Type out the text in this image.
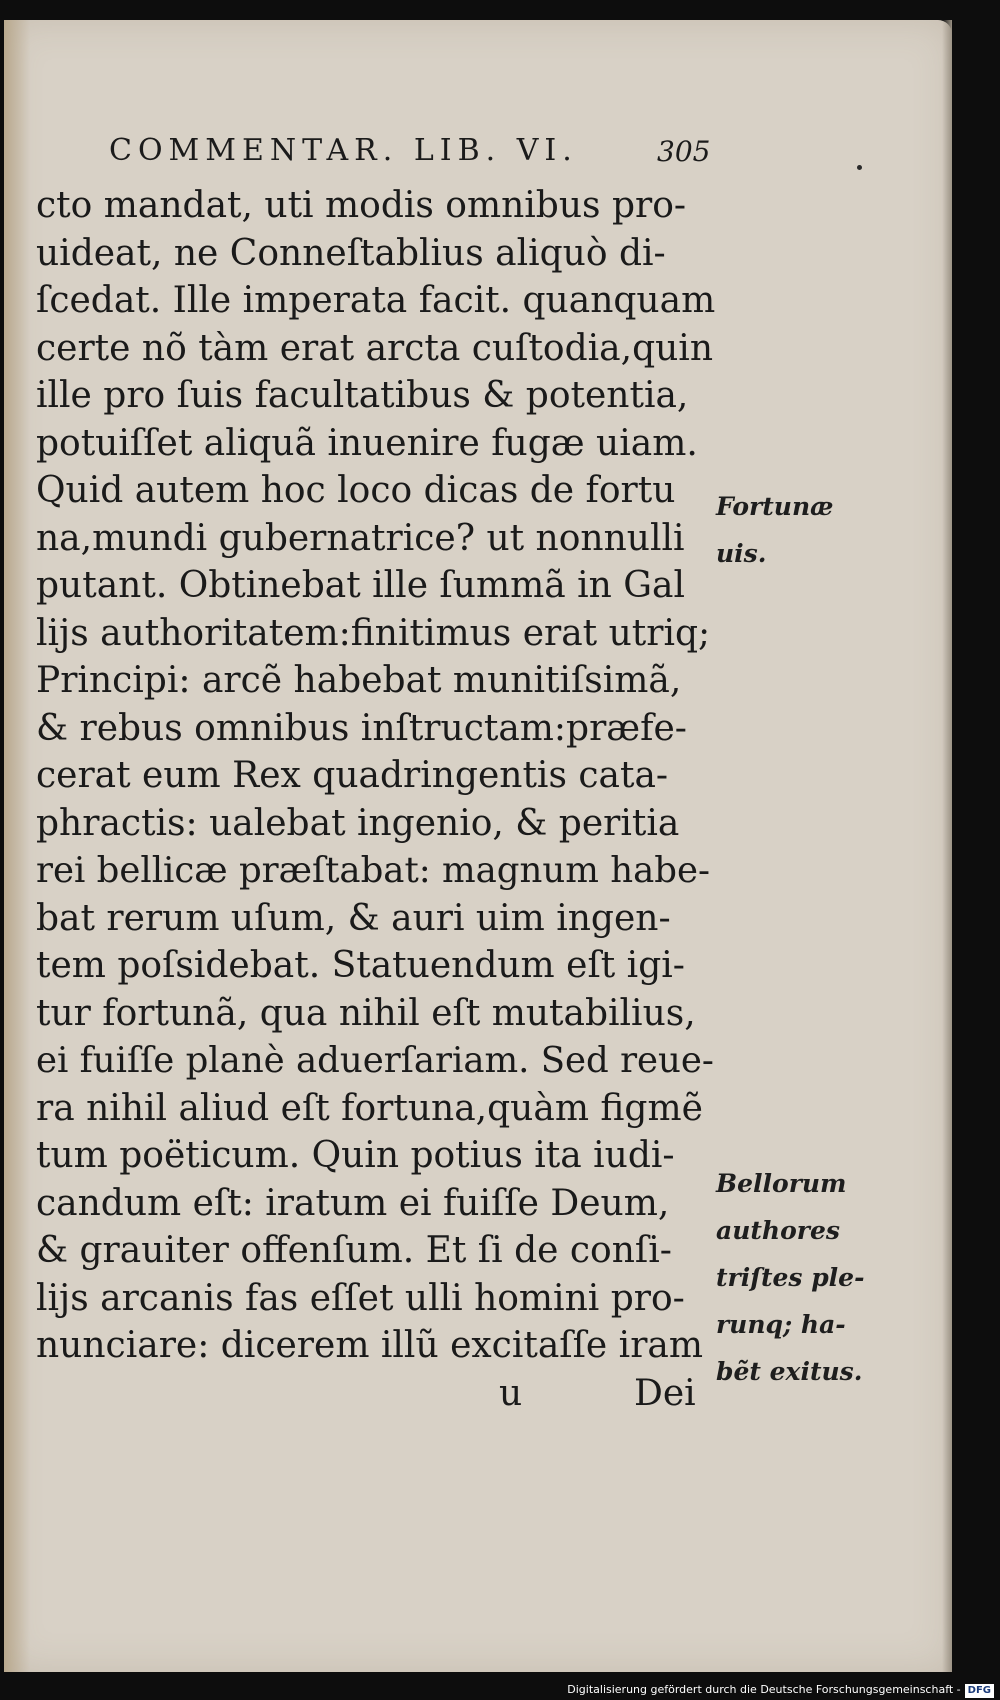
COMMENTAR. LIB. VI.	305
cto mandat, uti modis omnibus pro-
uideat, ne Conneſtablius aliquò di-
ſcedat. Ille imperata facit. quanquam
certe nõ tàm erat arcta cuſtodia,quin
ille pro ſuis facultatibus & potentia,
potuiſſet aliquã inuenire fugæ uiam.
Quid autem hoc loco dicas de fortu
na,mundi gubernatrice? ut nonnulli
putant. Obtinebat ille ſummã in Gal
lijs authoritatem:finitimus erat utriq;
Principi: arcẽ habebat munitiſsimã,
& rebus omnibus inſtructam:præfe-
cerat eum Rex quadringentis cata-
phractis: ualebat ingenio, & peritia
rei bellicæ præſtabat: magnum habe-
bat rerum uſum, & auri uim ingen-
tem poſsidebat. Statuendum eſt igi-
tur fortunã, qua nihil eſt mutabilius,
ei fuiſſe planè aduerſariam. Sed reue-
ra nihil aliud eſt fortuna,quàm figmẽ
tum poëticum. Quin potius ita iudi-
candum eſt: iratum ei fuiſſe Deum,
& grauiter offenſum. Et ſi de conſi-
lijs arcanis fas eſſet ulli homini pro-
nunciare: dicerem illũ excitaſſe iram
Fortunæ
uis.
Bellorum
authores
triſtes ple-
runq; ha-
bẽt exitus.
u	Dei
Digitalisierung gefördert durch die Deutsche Forschungsgemeinschaft - DFG
